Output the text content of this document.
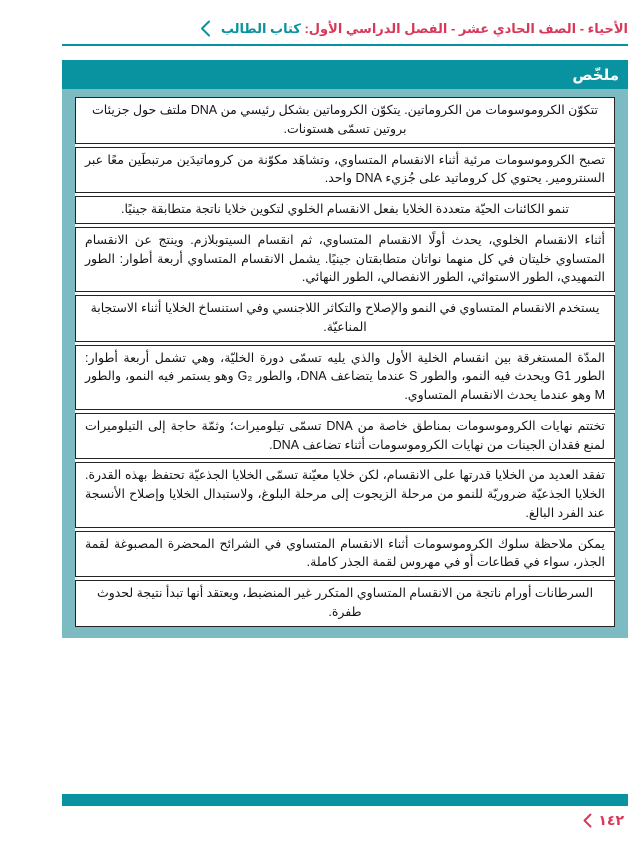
الأحياء - الصف الحادي عشر - الفصل الدراسي الأول: كتاب الطالب
ملخّص
تتكوّن الكروموسومات من الكروماتين. يتكوّن الكروماتين بشكل رئيسي من DNA ملتف حول جزيئات بروتين تسمّى هستونات.
تصبح الكروموسومات مرئية أثناء الانقسام المتساوي، وتشاهَد مكوّنة من كروماتيدَين مرتبطَين معًا عبر السنترومير. يحتوي كل كروماتيد على جُزيء DNA واحد.
تنمو الكائنات الحيّة متعددة الخلايا بفعل الانقسام الخلوي لتكوين خلايا ناتجة متطابقة جينيًا.
أثناء الانقسام الخلوي، يحدث أولًا الانقسام المتساوي، ثم انقسام السيتوبلازم. وينتج عن الانقسام المتساوي خليتان في كل منهما نواتان متطابقتان جينيًا. يشمل الانقسام المتساوي أربعة أطوار: الطور التمهيدي، الطور الاستوائي، الطور الانفصالي، الطور النهائي.
يستخدم الانقسام المتساوي في النمو والإصلاح والتكاثر اللاجنسي وفي استنساخ الخلايا أثناء الاستجابة المناعيّة.
المدّة المستغرقة بين انقسام الخلية الأول والذي يليه تسمّى دورة الخليّة، وهي تشمل أربعة أطوار: الطور G1 ويحدث فيه النمو، والطور S عندما يتضاعف DNA، والطور G₂ وهو يستمر فيه النمو، والطور M وهو عندما يحدث الانقسام المتساوي.
تختتم نهايات الكروموسومات بمناطق خاصة من DNA تسمّى تيلوميرات؛ وثمّة حاجة إلى التيلوميرات لمنع فقدان الجينات من نهايات الكروموسومات أثناء تضاعف DNA.
تفقد العديد من الخلايا قدرتها على الانقسام، لكن خلايا معيّنة تسمّى الخلايا الجذعيّة تحتفظ بهذه القدرة. الخلايا الجذعيّة ضروريّة للنمو من مرحلة الزيجوت إلى مرحلة البلوغ، ولاستبدال الخلايا وإصلاح الأنسجة عند الفرد البالغ.
يمكن ملاحظة سلوك الكروموسومات أثناء الانقسام المتساوي في الشرائح المحضرة المصبوغة لقمة الجذر، سواء في قطاعات أو في مهروس لقمة الجذر كاملة.
السرطانات أورام ناتجة من الانقسام المتساوي المتكرر غير المنضبط، ويعتقد أنها تبدأ نتيجة لحدوث طفرة.
١٤٢
